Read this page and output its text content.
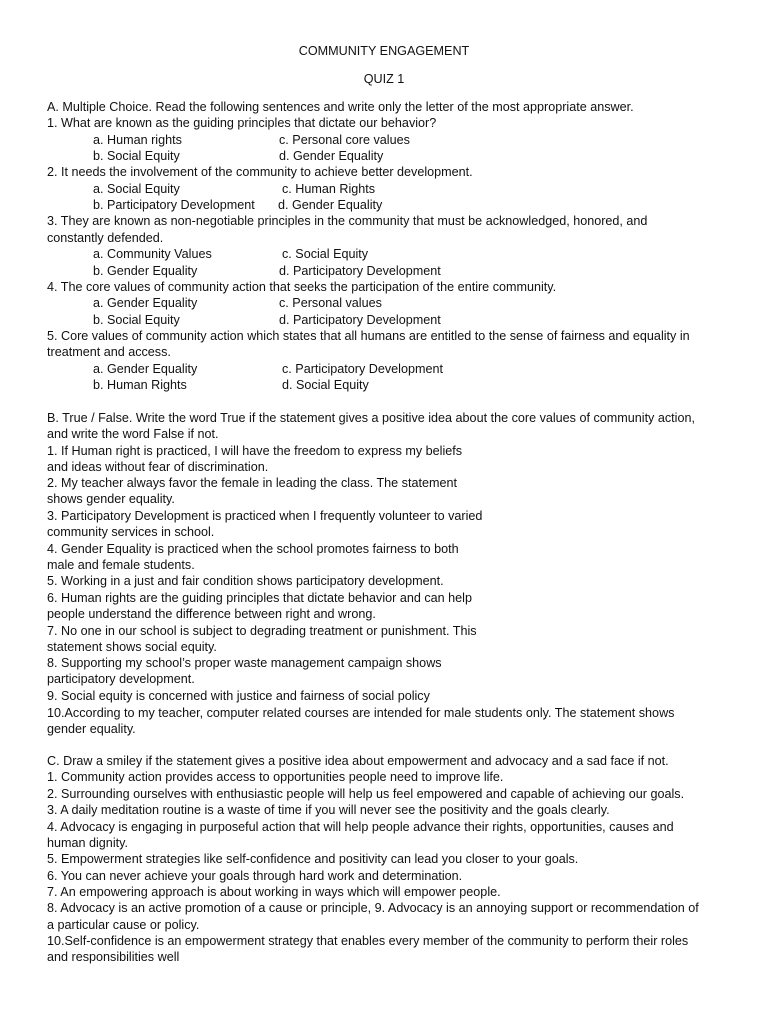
COMMUNITY ENGAGEMENT
QUIZ 1
A. Multiple Choice. Read the following sentences and write only the letter of the most appropriate answer.
1. What are known as the guiding principles that dictate our behavior?
a. Human rights	c. Personal core values
b. Social Equity	d. Gender Equality
2. It needs the involvement of the community to achieve better development.
a. Social Equity	c. Human Rights
b. Participatory Development d. Gender Equality
3. They are known as non-negotiable principles in the community that must be acknowledged, honored, and
constantly defended.
a. Community Values	c. Social Equity
b. Gender Equality	d. Participatory Development
4. The core values of community action that seeks the participation of the entire community.
a. Gender Equality	c. Personal values
b. Social Equity	d. Participatory Development
5. Core values of community action which states that all humans are entitled to the sense of fairness and equality in
treatment and access.
a. Gender Equality	c. Participatory Development
b. Human Rights	d. Social Equity
B. True / False. Write the word True if the statement gives a positive idea about the core values of community action,
and write the word False if not.
1. If Human right is practiced, I will have the freedom to express my beliefs
and ideas without fear of discrimination.
2. My teacher always favor the female in leading the class. The statement
shows gender equality.
3. Participatory Development is practiced when I frequently volunteer to varied
community services in school.
4. Gender Equality is practiced when the school promotes fairness to both
male and female students.
5. Working in a just and fair condition shows participatory development.
6. Human rights are the guiding principles that dictate behavior and can help
people understand the difference between right and wrong.
7. No one in our school is subject to degrading treatment or punishment. This
statement shows social equity.
8. Supporting my school’s proper waste management campaign shows
participatory development.
9. Social equity is concerned with justice and fairness of social policy
10.According to my teacher, computer related courses are intended for male students only. The statement shows
gender equality.
C. Draw a smiley if the statement gives a positive idea about empowerment and advocacy and a sad face if not.
1. Community action provides access to opportunities people need to improve life.
2. Surrounding ourselves with enthusiastic people will help us feel empowered and capable of achieving our goals.
3. A daily meditation routine is a waste of time if you will never see the positivity and the goals clearly.
4. Advocacy is engaging in purposeful action that will help people advance their rights, opportunities, causes and
human dignity.
5. Empowerment strategies like self-confidence and positivity can lead you closer to your goals.
6. You can never achieve your goals through hard work and determination.
7. An empowering approach is about working in ways which will empower people.
8. Advocacy is an active promotion of a cause or principle, 9. Advocacy is an annoying support or recommendation of
a particular cause or policy.
10.Self-confidence is an empowerment strategy that enables every member of the community to perform their roles
and responsibilities well
